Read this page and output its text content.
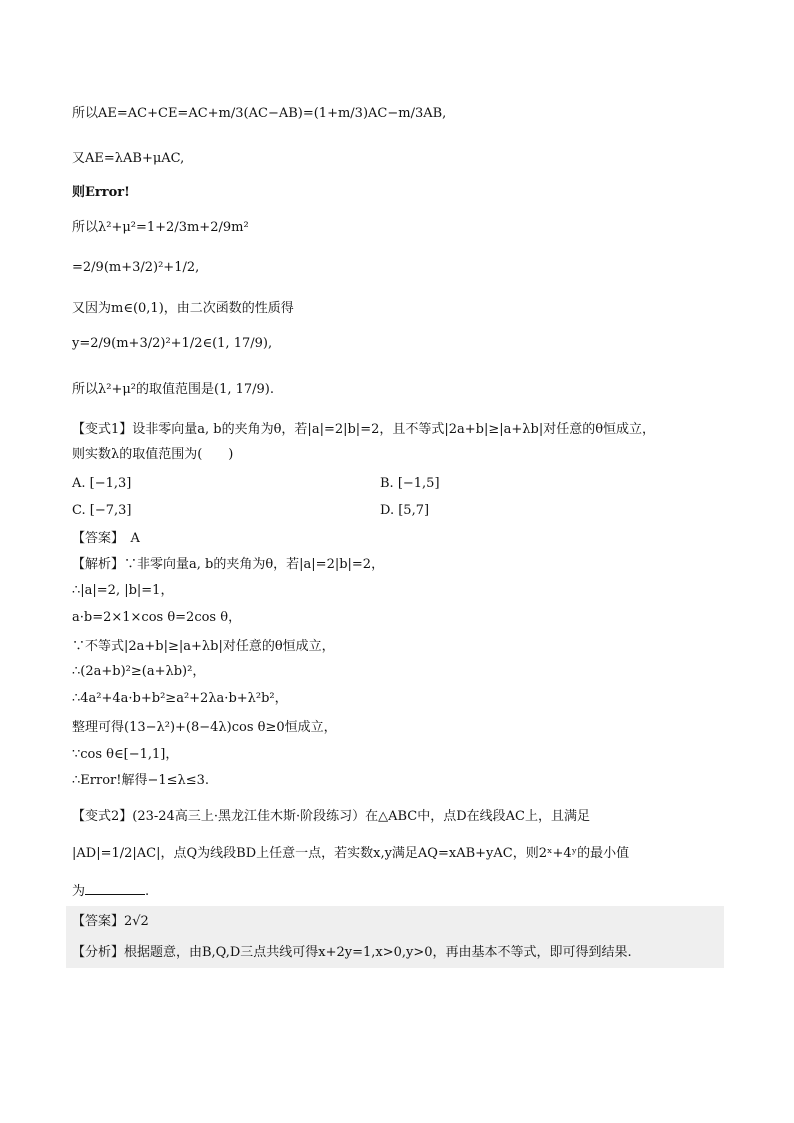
所以AE=AC+CE=AC+m/3(AC−AB)=(1+m/3)AC−m/3AB,
又AE=λAB+μAC,
则Error!
所以λ²+μ²=1+2/3m+2/9m²
=2/9(m+3/2)²+1/2,
又因为m∈(0,1)，由二次函数的性质得
y=2/9(m+3/2)²+1/2∈(1, 17/9),
所以λ²+μ²的取值范围是(1, 17/9).
【变式1】设非零向量a, b的夹角为θ，若|a|=2|b|=2，且不等式|2a+b|≥|a+λb|对任意的θ恒成立，
则实数λ的取值范围为(　　)
A. [−1,3]	B. [−1,5]
C. [−7,3]	D. [5,7]
【答案】　A
【解析】∵非零向量a, b的夹角为θ，若|a|=2|b|=2，
∴|a|=2, |b|=1，
a·b=2×1×cos θ=2cos θ，
∵不等式|2a+b|≥|a+λb|对任意的θ恒成立，
∴(2a+b)²≥(a+λb)²，
∴4a²+4a·b+b²≥a²+2λa·b+λ²b²，
整理可得(13−λ²)+(8−4λ)cos θ≥0恒成立，
∵cos θ∈[−1,1]，
∴Error!解得−1≤λ≤3.
【变式2】(23-24高三上·黑龙江佳木斯·阶段练习）在△ABC中，点D在线段AC上，且满足
|AD|=1/2|AC|，点Q为线段BD上任意一点，若实数x,y满足AQ=xAB+yAC，则2ˣ+4ʸ的最小值
为	.
【答案】2√2
【分析】根据题意，由B,Q,D三点共线可得x+2y=1,x>0,y>0，再由基本不等式，即可得到结果.
